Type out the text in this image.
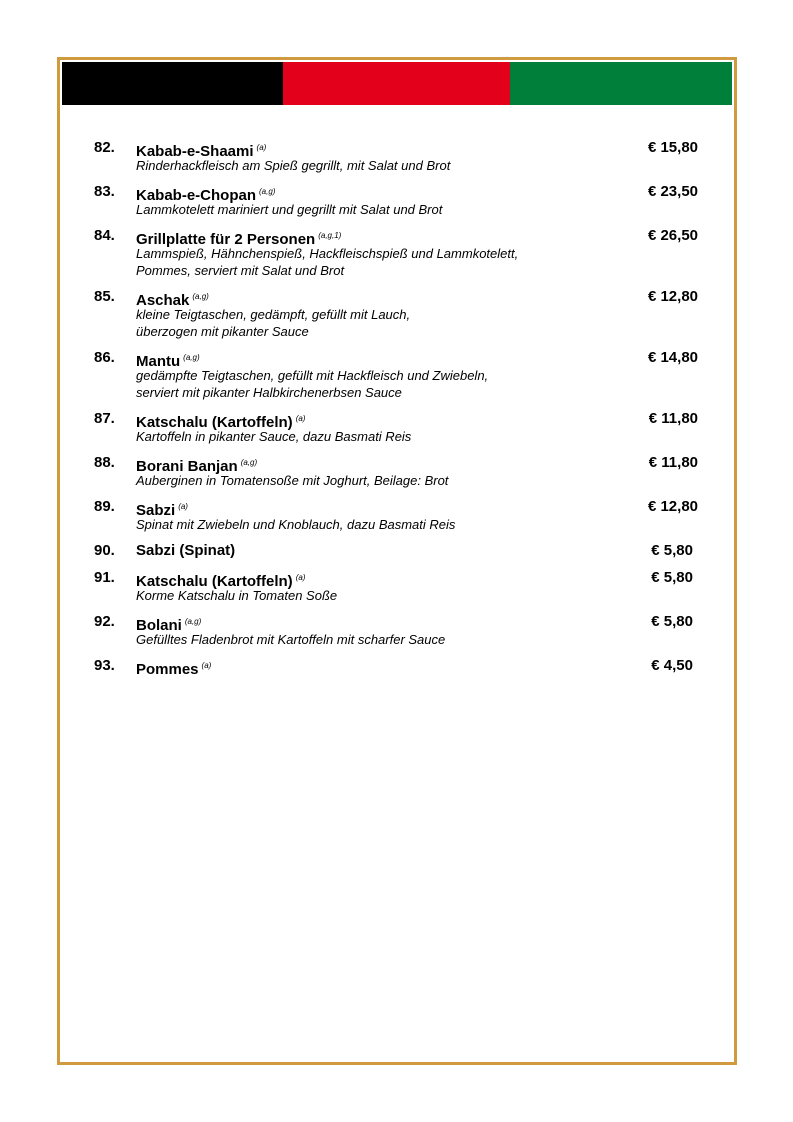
82. Kabab-e-Shaami $^{(a)}$
Rinderhackfleisch am Spieß gegrillt, mit Salat und Brot
€ 15,80
83. Kabab-e-Chopan $^{(a,g)}$
Lammkotelett mariniert und gegrillt mit Salat und Brot
€ 23,50
84. Grillplatte für 2 Personen $^{(a,g,1)}$
Lammspieß, Hähnchenspieß, Hackfleischspieß und Lammkotelett,
Pommes, serviert mit Salat und Brot
€ 26,50
85. Aschak $^{(a,g)}$
kleine Teigtaschen, gedämpft, gefüllt mit Lauch,
überzogen mit pikanter Sauce
€ 12,80
86. Mantu $^{(a,g)}$
gedämpfte Teigtaschen, gefüllt mit Hackfleisch und Zwiebeln,
serviert mit pikanter Halbkirchenerbsen Sauce
€ 14,80
87. Katschalu (Kartoffeln) $^{(a)}$
Kartoffeln in pikanter Sauce, dazu Basmati Reis
€ 11,80
88. Borani Banjan $^{(a,g)}$
Auberginen in Tomatensoße mit Joghurt, Beilage: Brot
€ 11,80
89. Sabzi $^{(a)}$
Spinat mit Zwiebeln und Knoblauch, dazu Basmati Reis
€ 12,80
90. Sabzi (Spinat)	€ 5,80
91. Katschalu (Kartoffeln) $^{(a)}$
Korme Katschalu in Tomaten Soße
€ 5,80
92. Bolani $^{(a,g)}$
Gefülltes Fladenbrot mit Kartoffeln mit scharfer Sauce
€ 5,80
93. Pommes $^{(a)}$	€ 4,50
